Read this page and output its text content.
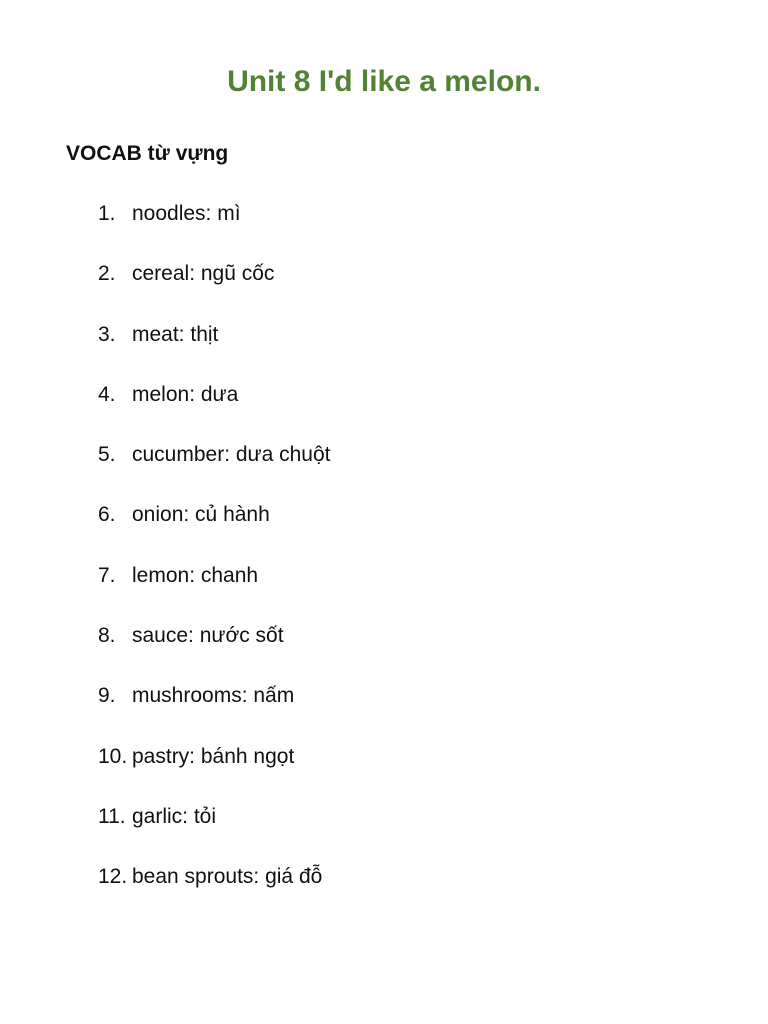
Unit 8 I'd like a melon.
VOCAB từ vựng
1. noodles: mì
2. cereal: ngũ cốc
3. meat: thịt
4. melon: dưa
5. cucumber: dưa chuột
6. onion: củ hành
7. lemon: chanh
8. sauce: nước sốt
9. mushrooms: nấm
10. pastry: bánh ngọt
11. garlic: tỏi
12. bean sprouts: giá đỗ
